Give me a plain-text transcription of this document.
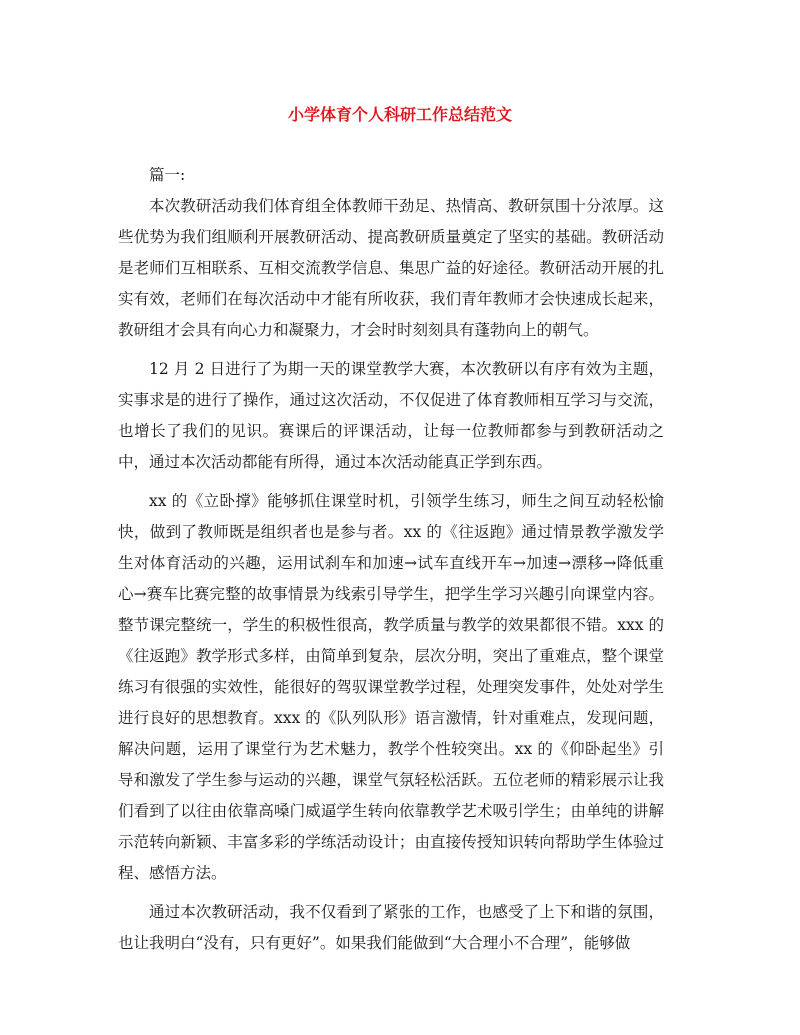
小学体育个人科研工作总结范文

篇一:

本次教研活动我们体育组全体教师干劲足、热情高、教研氛围十分浓厚。这些优势为我们组顺利开展教研活动、提高教研质量奠定了坚实的基础。教研活动是老师们互相联系、互相交流教学信息、集思广益的好途径。教研活动开展的扎实有效，老师们在每次活动中才能有所收获，我们青年教师才会快速成长起来，教研组才会具有向心力和凝聚力，才会时时刻刻具有蓬勃向上的朝气。

12 月 2 日进行了为期一天的课堂教学大赛，本次教研以有序有效为主题，实事求是的进行了操作，通过这次活动，不仅促进了体育教师相互学习与交流，也增长了我们的见识。赛课后的评课活动，让每一位教师都参与到教研活动之中，通过本次活动都能有所得，通过本次活动能真正学到东西。

xx 的《立卧撑》能够抓住课堂时机，引领学生练习，师生之间互动轻松愉快，做到了教师既是组织者也是参与者。xx 的《往返跑》通过情景教学激发学生对体育活动的兴趣，运用试刹车和加速→试车直线开车→加速→漂移→降低重心→赛车比赛完整的故事情景为线索引导学生，把学生学习兴趣引向课堂内容。整节课完整统一，学生的积极性很高，教学质量与教学的效果都很不错。xxx 的《往返跑》教学形式多样，由简单到复杂，层次分明，突出了重难点，整个课堂练习有很强的实效性，能很好的驾驭课堂教学过程，处理突发事件，处处对学生进行良好的思想教育。xxx 的《队列队形》语言激情，针对重难点，发现问题，解决问题，运用了课堂行为艺术魅力，教学个性较突出。xx 的《仰卧起坐》引导和激发了学生参与运动的兴趣，课堂气氛轻松活跃。五位老师的精彩展示让我们看到了以往由依靠高嗓门威逼学生转向依靠教学艺术吸引学生；由单纯的讲解示范转向新颖、丰富多彩的学练活动设计；由直接传授知识转向帮助学生体验过程、感悟方法。

通过本次教研活动，我不仅看到了紧张的工作，也感受了上下和谐的氛围，也让我明白“没有，只有更好”。如果我们能做到“大合理小不合理”，能够做
